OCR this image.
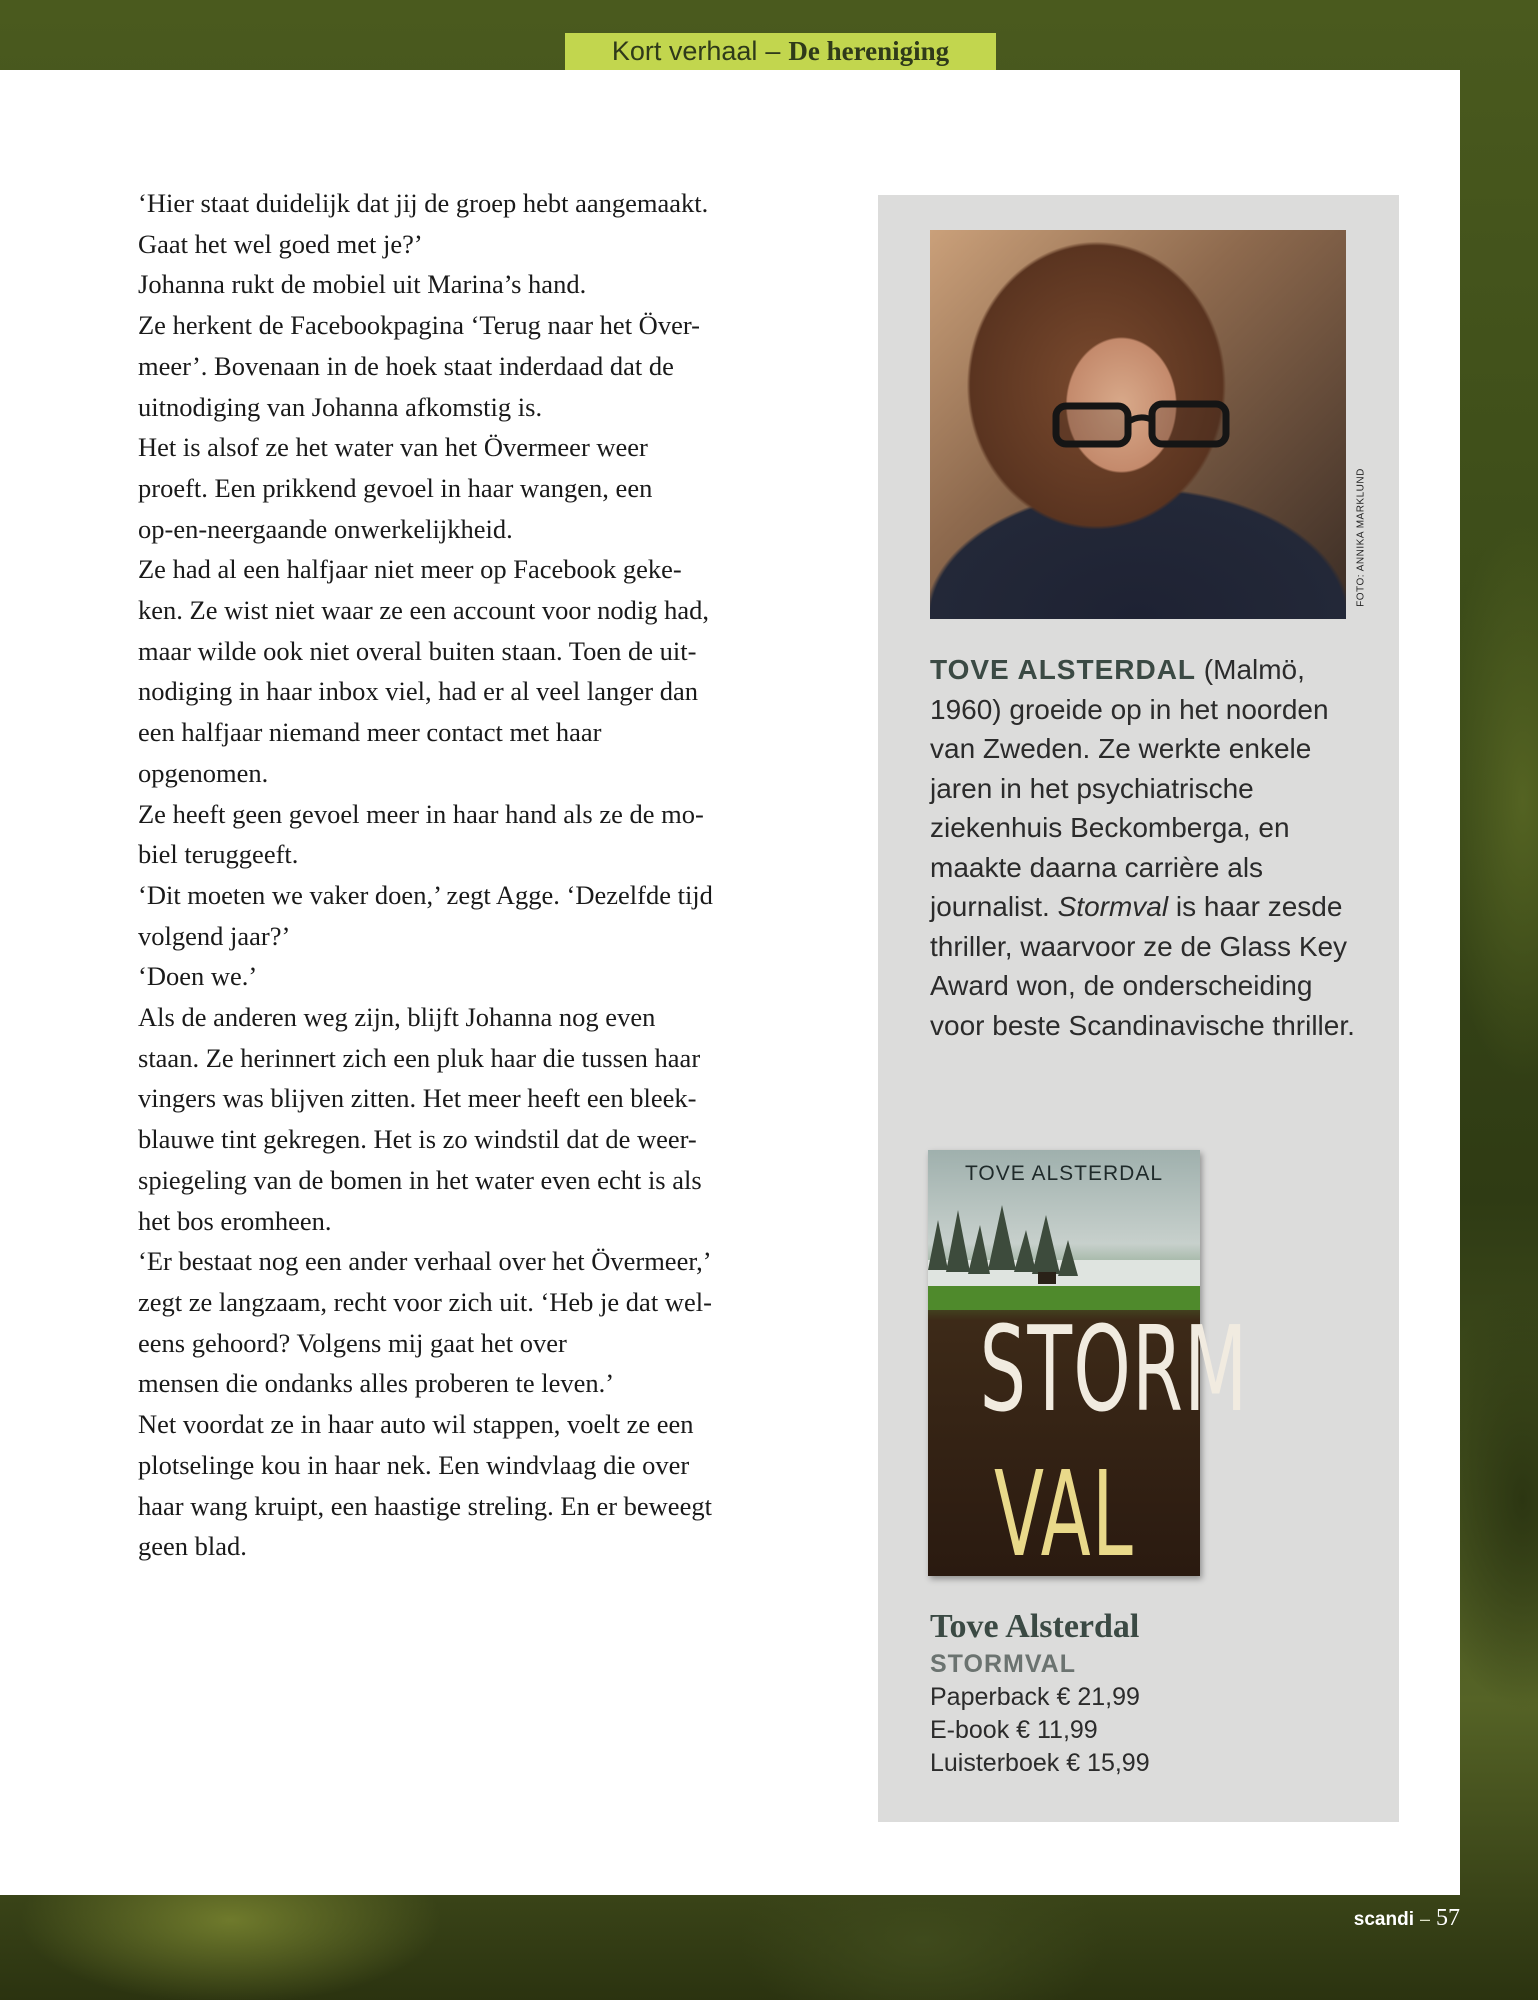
Kort verhaal – De hereniging

‘Hier staat duidelijk dat jij de groep hebt aangemaakt.

Gaat het wel goed met je?’

Johanna rukt de mobiel uit Marina’s hand.

Ze herkent de Facebookpagina ‘Terug naar het Över-

meer’. Bovenaan in de hoek staat inderdaad dat de

uitnodiging van Johanna afkomstig is.

Het is alsof ze het water van het Övermeer weer

proeft. Een prikkend gevoel in haar wangen, een

op-en-neergaande onwerkelijkheid.

Ze had al een halfjaar niet meer op Facebook geke-

ken. Ze wist niet waar ze een account voor nodig had,

maar wilde ook niet overal buiten staan. Toen de uit-

nodiging in haar inbox viel, had er al veel langer dan

een halfjaar niemand meer contact met haar

opgenomen.

Ze heeft geen gevoel meer in haar hand als ze de mo-

biel teruggeeft.

‘Dit moeten we vaker doen,’ zegt Agge. ‘Dezelfde tijd

volgend jaar?’

‘Doen we.’

Als de anderen weg zijn, blijft Johanna nog even

staan. Ze herinnert zich een pluk haar die tussen haar

vingers was blijven zitten. Het meer heeft een bleek-

blauwe tint gekregen. Het is zo windstil dat de weer-

spiegeling van de bomen in het water even echt is als

het bos eromheen.

‘Er bestaat nog een ander verhaal over het Övermeer,’

zegt ze langzaam, recht voor zich uit. ‘Heb je dat wel-

eens gehoord? Volgens mij gaat het over

mensen die ondanks alles proberen te leven.’

Net voordat ze in haar auto wil stappen, voelt ze een

plotselinge kou in haar nek. Een windvlaag die over

haar wang kruipt, een haastige streling. En er beweegt

geen blad.

FOTO: ANNIKA MARKLUND
TOVE ALSTERDAL (Malmö, 1960) groeide op in het noorden van Zweden. Ze werkte enkele jaren in het psychiatrische ziekenhuis Beckomberga, en maakte daarna carrière als journalist. Stormval is haar zesde thriller, waarvoor ze de Glass Key Award won, de onderscheiding voor beste Scandinavische thriller.
TOVE ALSTERDAL
STORM
VAL
Tove Alsterdal
STORMVAL
Paperback € 21,99
E-book € 11,99
Luisterboek € 15,99
scandi – 57
